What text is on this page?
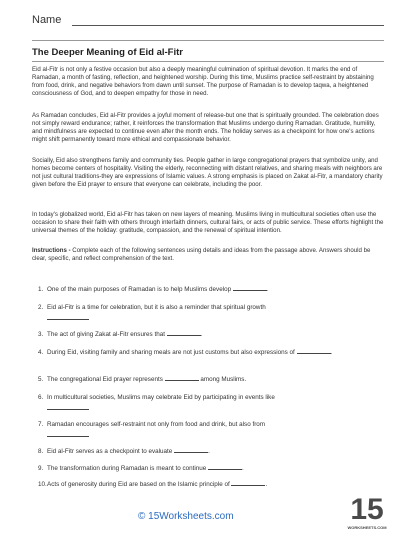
Name
The Deeper Meaning of Eid al-Fitr
Eid al-Fitr is not only a festive occasion but also a deeply meaningful culmination of spiritual devotion. It marks the end of Ramadan, a month of fasting, reflection, and heightened worship. During this time, Muslims practice self-restraint by abstaining from food, drink, and negative behaviors from dawn until sunset. The purpose of Ramadan is to develop taqwa, a heightened consciousness of God, and to deepen empathy for those in need.
As Ramadan concludes, Eid al-Fitr provides a joyful moment of release-but one that is spiritually grounded. The celebration does not simply reward endurance; rather, it reinforces the transformation that Muslims undergo during Ramadan. Gratitude, humility, and mindfulness are expected to continue even after the month ends. The holiday serves as a checkpoint for how one's actions might shift permanently toward more ethical and compassionate behavior.
Socially, Eid also strengthens family and community ties. People gather in large congregational prayers that symbolize unity, and homes become centers of hospitality. Visiting the elderly, reconnecting with distant relatives, and sharing meals with neighbors are not just cultural traditions-they are expressions of Islamic values. A strong emphasis is placed on Zakat al-Fitr, a mandatory charity given before the Eid prayer to ensure that everyone can celebrate, including the poor.
In today's globalized world, Eid al-Fitr has taken on new layers of meaning. Muslims living in multicultural societies often use the occasion to share their faith with others through interfaith dinners, cultural fairs, or acts of public service. These efforts highlight the universal themes of the holiday: gratitude, compassion, and the renewal of spiritual intention.
Instructions - Complete each of the following sentences using details and ideas from the passage above. Answers should be clear, specific, and reflect comprehension of the text.
1. One of the main purposes of Ramadan is to help Muslims develop	.
2. Eid al-Fitr is a time for celebration, but it is also a reminder that spiritual growth
3. The act of giving Zakat al-Fitr ensures that	.
4. During Eid, visiting family and sharing meals are not just customs but also expressions of	.
5. The congregational Eid prayer represents	among Muslims.
6. In multicultural societies, Muslims may celebrate Eid by participating in events like
7. Ramadan encourages self-restraint not only from food and drink, but also from
8. Eid al-Fitr serves as a checkpoint to evaluate	.
9. The transformation during Ramadan is meant to continue	.
10. Acts of generosity during Eid are based on the Islamic principle of	.
© 15Worksheets.com	15
WORKSHEETS.COM
